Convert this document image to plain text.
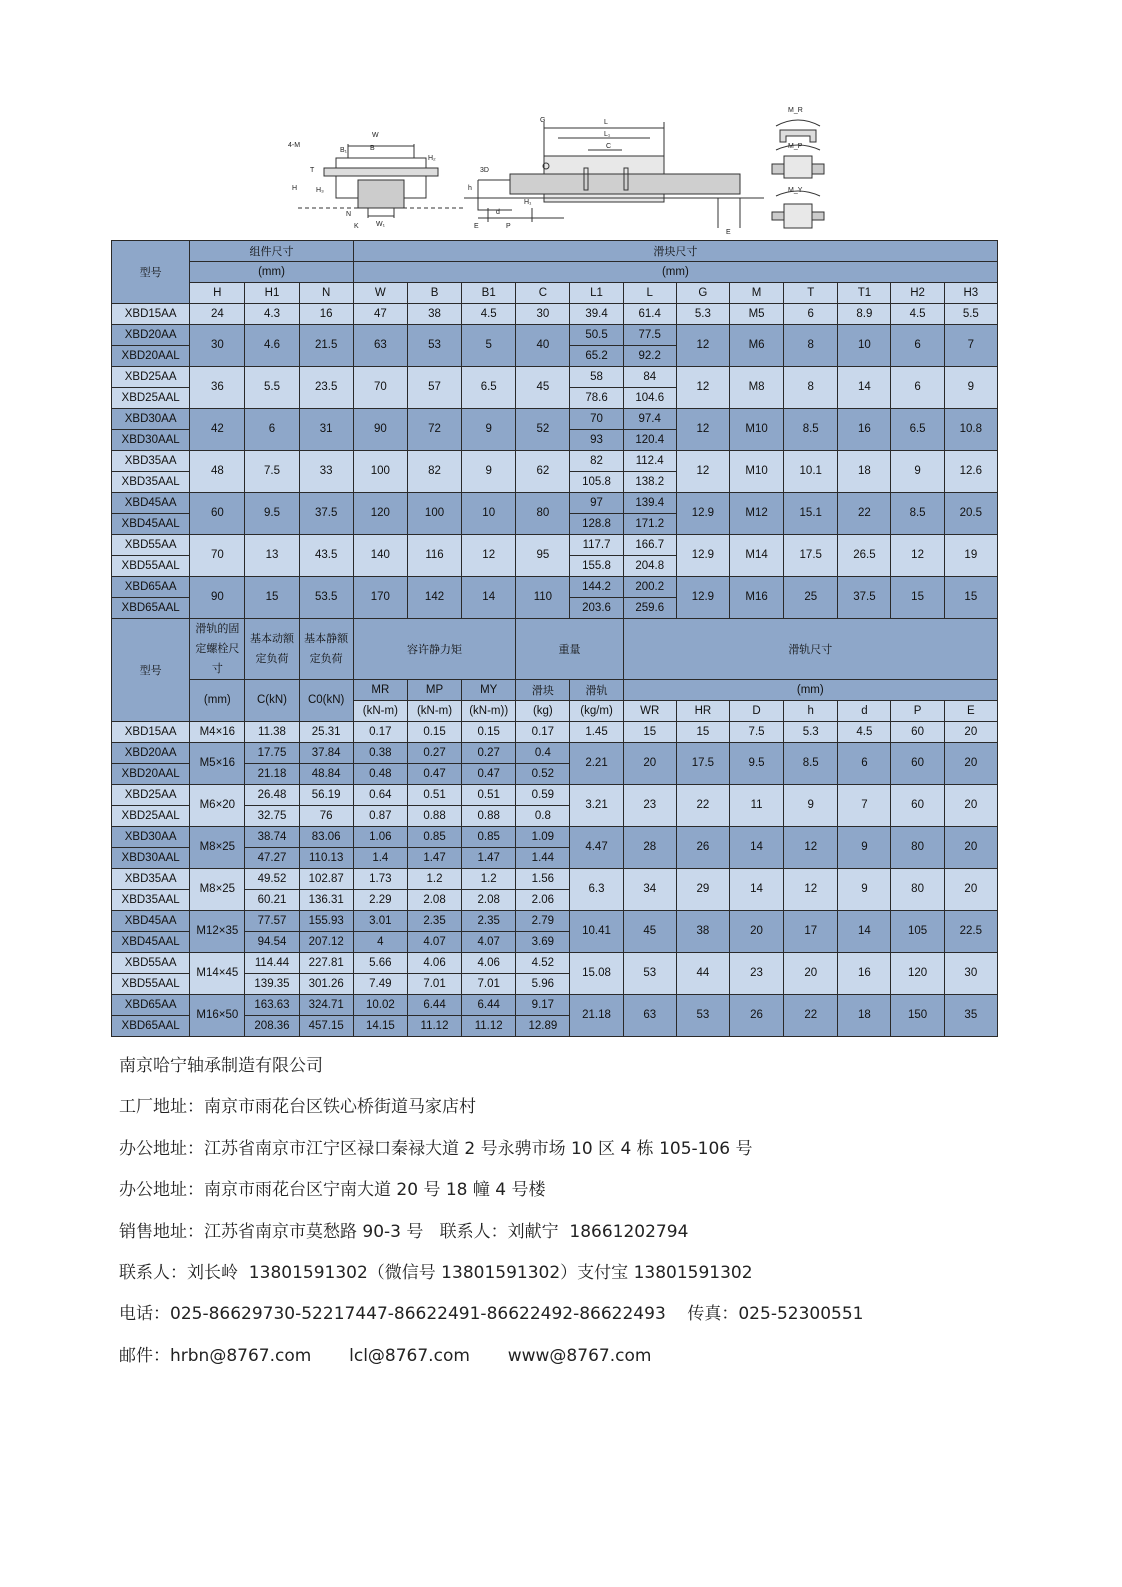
4-M
W
B
B₁
T
H₂
H	H₃
N
W₁
K
G	L
L₁
C
3D
h
d
E	P
H₁
E
M_R
M_P
M_Y
型号	组件尺寸			滑块尺寸											
	(mm)			(mm)											
	H	H1	N	W	B	B1	C	L1	L	G	M	T	T1	H2	H3
XBD15AA	24	4.3	16	47	38	4.5	30	39.4	61.4	5.3	M5	6	8.9	4.5	5.5
XBD20AA	30	4.6	21.5	63	53	5	40	50.5	77.5	12	M6	8	10	6	7
XBD20AAL								65.2	92.2						
XBD25AA	36	5.5	23.5	70	57	6.5	45	58	84	12	M8	8	14	6	9
XBD25AAL								78.6	104.6						
XBD30AA	42	6	31	90	72	9	52	70	97.4	12	M10	8.5	16	6.5	10.8
XBD30AAL								93	120.4						
XBD35AA	48	7.5	33	100	82	9	62	82	112.4	12	M10	10.1	18	9	12.6
XBD35AAL								105.8	138.2						
XBD45AA	60	9.5	37.5	120	100	10	80	97	139.4	12.9	M12	15.1	22	8.5	20.5
XBD45AAL								128.8	171.2						
XBD55AA	70	13	43.5	140	116	12	95	117.7	166.7	12.9	M14	17.5	26.5	12	19
XBD55AAL								155.8	204.8						
XBD65AA	90	15	53.5	170	142	14	110	144.2	200.2	12.9	M16	25	37.5	15	15
XBD65AAL								203.6	259.6						
型号	滑轨的固定螺栓尺寸	基本动额定负荷	基本静额定负荷	容许静力矩			重量		滑轨尺寸						

	(mm)	C(kN)	C0(kN)	MR	MP	MY	滑块	滑轨	(mm)						
				(kN-m)	(kN-m)	(kN-m))	(kg)	(kg/m)	WR	HR	D	h	d	P	E
XBD15AA	M4×16	11.38	25.31	0.17	0.15	0.15	0.17	1.45	15	15	7.5	5.3	4.5	60	20
XBD20AA	M5×16	17.75	37.84	0.38	0.27	0.27	0.4	2.21	20	17.5	9.5	8.5	6	60	20
XBD20AAL		21.18	48.84	0.48	0.47	0.47	0.52								
XBD25AA	M6×20	26.48	56.19	0.64	0.51	0.51	0.59	3.21	23	22	11	9	7	60	20
XBD25AAL		32.75	76	0.87	0.88	0.88	0.8								
XBD30AA	M8×25	38.74	83.06	1.06	0.85	0.85	1.09	4.47	28	26	14	12	9	80	20
XBD30AAL		47.27	110.13	1.4	1.47	1.47	1.44								
XBD35AA	M8×25	49.52	102.87	1.73	1.2	1.2	1.56	6.3	34	29	14	12	9	80	20
XBD35AAL		60.21	136.31	2.29	2.08	2.08	2.06								
XBD45AA	M12×35	77.57	155.93	3.01	2.35	2.35	2.79	10.41	45	38	20	17	14	105	22.5
XBD45AAL		94.54	207.12	4	4.07	4.07	3.69								
XBD55AA	M14×45	114.44	227.81	5.66	4.06	4.06	4.52	15.08	53	44	23	20	16	120	30
XBD55AAL		139.35	301.26	7.49	7.01	7.01	5.96								
XBD65AA	M16×50	163.63	324.71	10.02	6.44	6.44	9.17	21.18	63	53	26	22	18	150	35
XBD65AAL		208.36	457.15	14.15	11.12	11.12	12.89								
南京哈宁轴承制造有限公司
工厂地址：南京市雨花台区铁心桥街道马家店村
办公地址：江苏省南京市江宁区禄口秦禄大道 2 号永骋市场 10 区 4 栋 105-106 号
办公地址：南京市雨花台区宁南大道 20 号 18 幢 4 号楼
销售地址：江苏省南京市莫愁路 90-3 号   联系人：刘献宁  18661202794
联系人：刘长岭  13801591302（微信号 13801591302）支付宝 13801591302
电话：025-86629730-52217447-86622491-86622492-86622493    传真：025-52300551
邮件：hrbn@8767.com       lcl@8767.com       www@8767.com
